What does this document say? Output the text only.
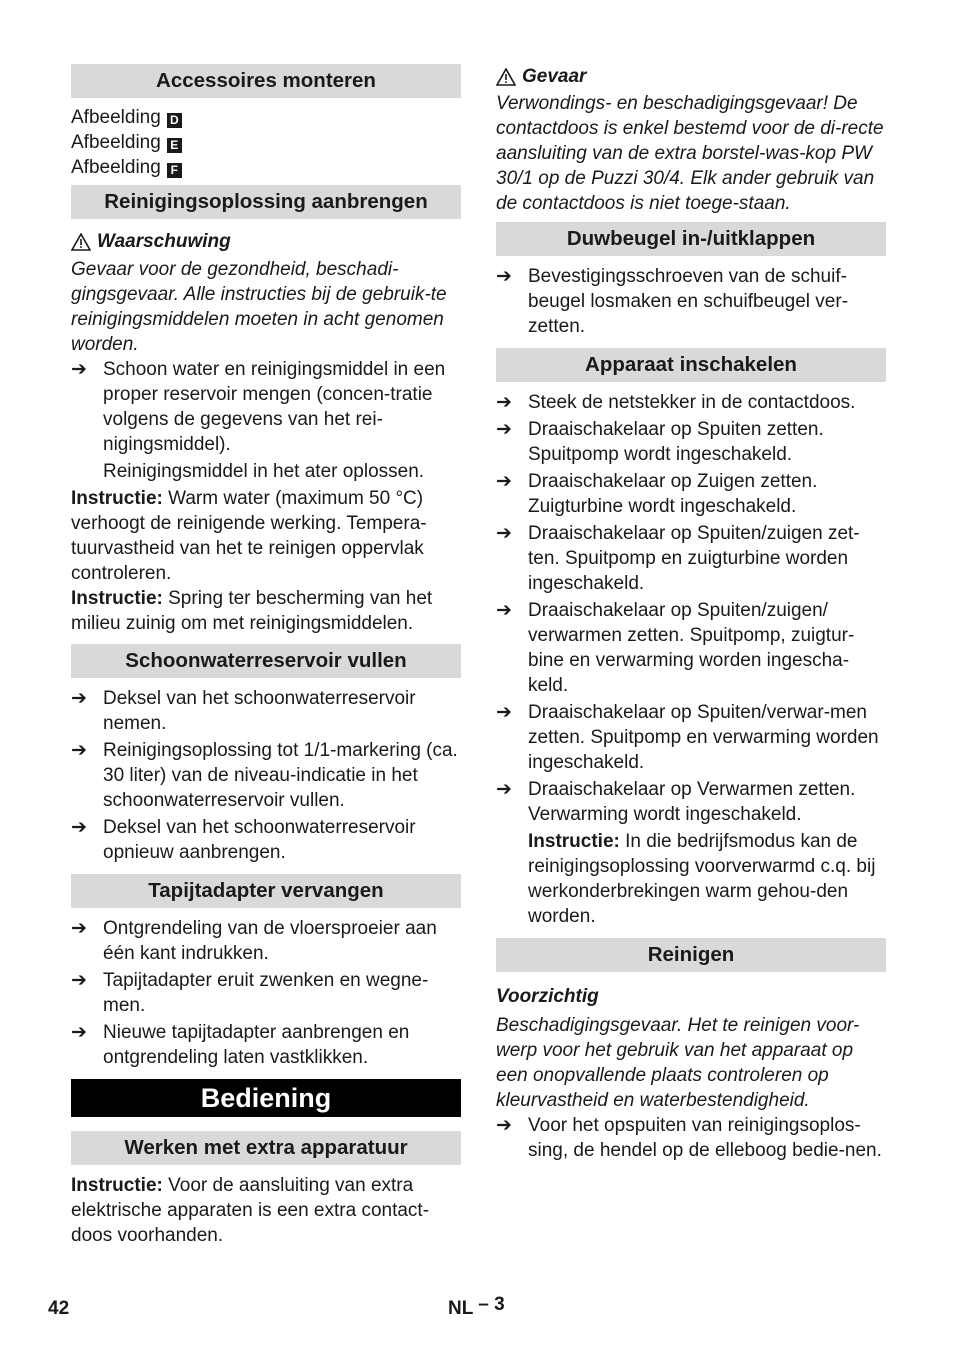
Accessoires monteren
Afbeelding D
Afbeelding E
Afbeelding F
Reinigingsoplossing aanbrengen
Waarschuwing

Gevaar voor de gezondheid, beschadi-gingsgevaar. Alle instructies bij de gebruik-te reinigingsmiddelen moeten in acht genomen worden.

➔ Schoon water en reinigingsmiddel in een proper reservoir mengen (concen-tratie volgens de gegevens van het rei-nigingsmiddel).

Reinigingsmiddel in het ater oplossen.

Instructie: Warm water (maximum 50 °C) verhoogt de reinigende werking. Tempera-tuurvastheid van het te reinigen oppervlak controleren.

Instructie: Spring ter bescherming van het milieu zuinig om met reinigingsmiddelen.

Schoonwaterreservoir vullen
➔ Deksel van het schoonwaterreservoir nemen.
➔ Reinigingsoplossing tot 1/1-markering (ca. 30 liter) van de niveau-indicatie in het schoonwaterreservoir vullen.
➔ Deksel van het schoonwaterreservoir opnieuw aanbrengen.
Tapijtadapter vervangen
➔ Ontgrendeling van de vloersproeier aan één kant indrukken.
➔ Tapijtadapter eruit zwenken en wegne-men.
➔ Nieuwe tapijtadapter aanbrengen en ontgrendeling laten vastklikken.
Bediening
Werken met extra apparatuur

Instructie: Voor de aansluiting van extra elektrische apparaten is een extra contact-doos voorhanden.

Gevaar

Verwondings- en beschadigingsgevaar! De contactdoos is enkel bestemd voor de di-recte aansluiting van de extra borstel-was-kop PW 30/1 op de Puzzi 30/4. Elk ander gebruik van de contactdoos is niet toege-staan.

Duwbeugel in-/uitklappen
➔ Bevestigingsschroeven van de schuif-beugel losmaken en schuifbeugel ver-zetten.
Apparaat inschakelen
➔ Steek de netstekker in de contactdoos.
➔ Draaischakelaar op Spuiten zetten. Spuitpomp wordt ingeschakeld.
➔ Draaischakelaar op Zuigen zetten. Zuigturbine wordt ingeschakeld.
➔ Draaischakelaar op Spuiten/zuigen zet-ten. Spuitpomp en zuigturbine worden ingeschakeld.
➔ Draaischakelaar op Spuiten/zuigen/ verwarmen zetten. Spuitpomp, zuigtur-bine en verwarming worden ingescha-keld.
➔ Draaischakelaar op Spuiten/verwar-men zetten. Spuitpomp en verwarming worden ingeschakeld.
➔ Draaischakelaar op Verwarmen zetten. Verwarming wordt ingeschakeld.

Instructie: In die bedrijfsmodus kan de reinigingsoplossing voorverwarmd c.q. bij werkonderbrekingen warm gehou-den worden.

Reinigen
Voorzichtig

Beschadigingsgevaar. Het te reinigen voor-werp voor het gebruik van het apparaat op een onopvallende plaats controleren op kleurvastheid en waterbestendigheid.

➔ Voor het opspuiten van reinigingsoplos-sing, de hendel op de elleboog bedie-nen.
42	NL – 3
